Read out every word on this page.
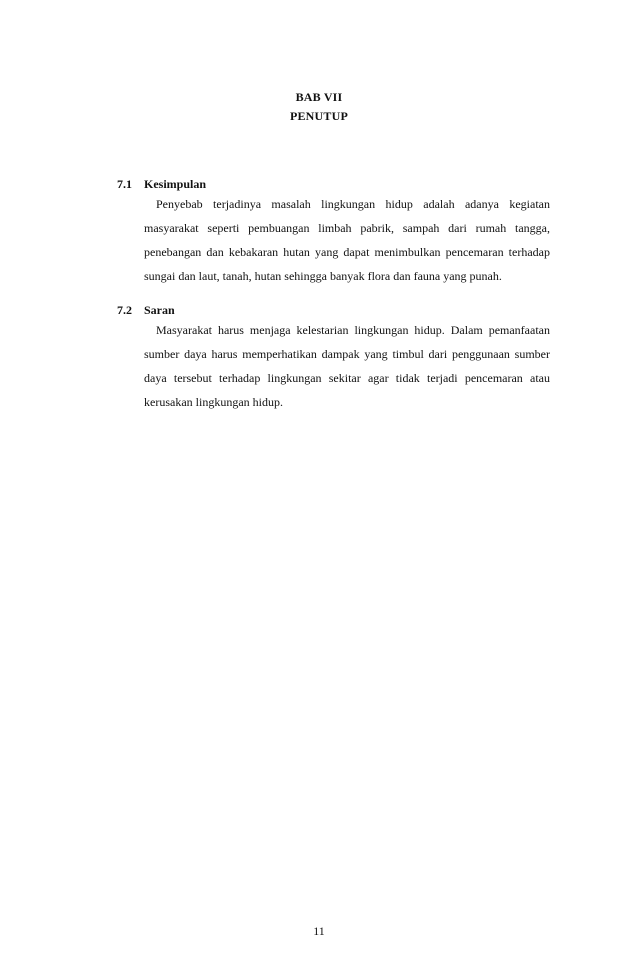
BAB VII
PENUTUP
7.1 Kesimpulan

Penyebab terjadinya masalah lingkungan hidup adalah adanya kegiatan masyarakat seperti pembuangan limbah pabrik, sampah dari rumah tangga, penebangan dan kebakaran hutan yang dapat menimbulkan pencemaran terhadap sungai dan laut, tanah, hutan sehingga banyak flora dan fauna yang punah.

7.2 Saran

Masyarakat harus menjaga kelestarian lingkungan hidup. Dalam pemanfaatan sumber daya harus memperhatikan dampak yang timbul dari penggunaan sumber daya tersebut terhadap lingkungan sekitar agar tidak terjadi pencemaran atau kerusakan lingkungan hidup.

11
